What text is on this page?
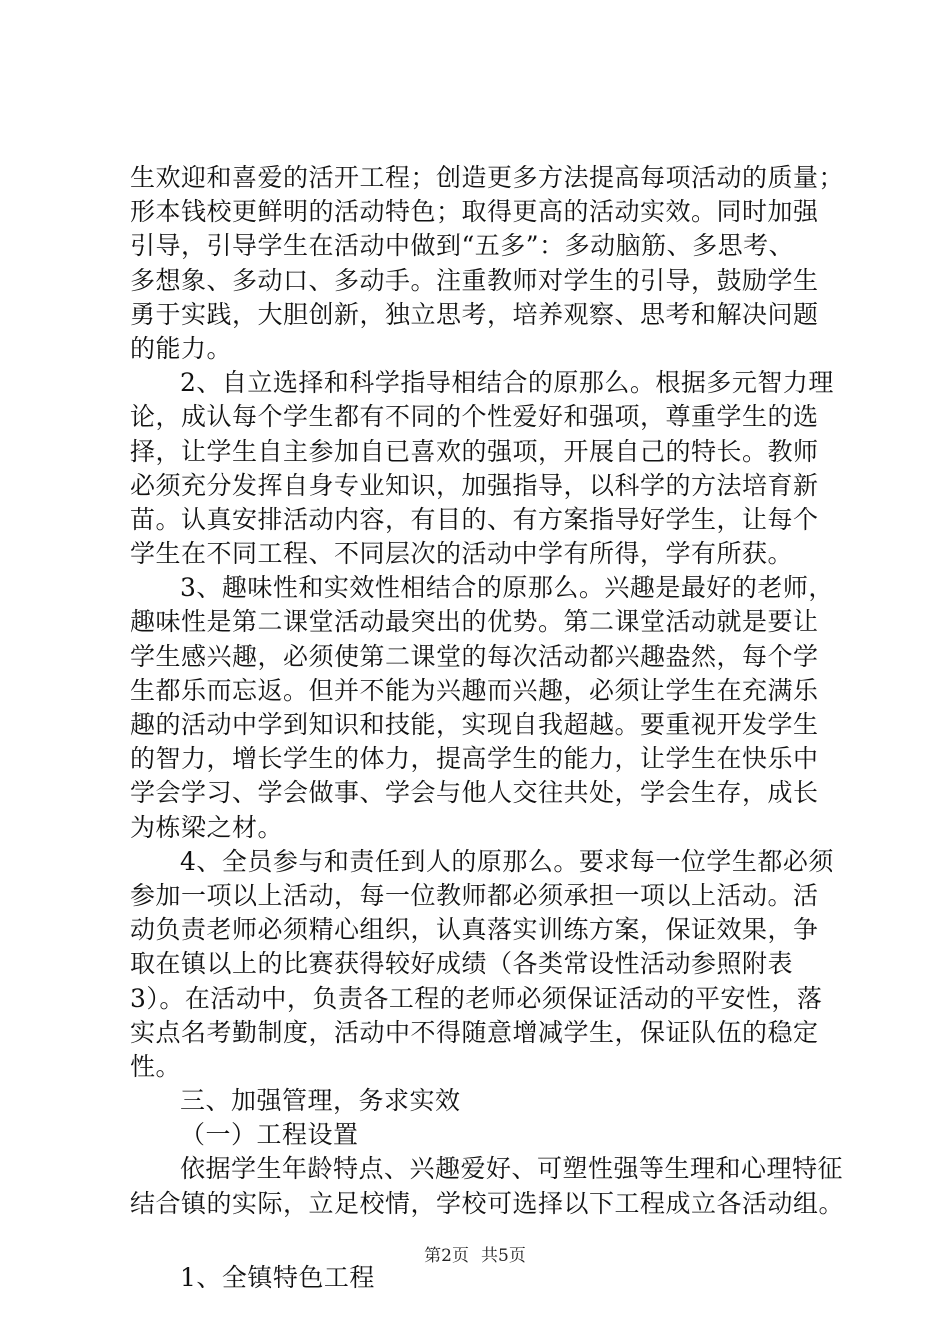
生欢迎和喜爱的活开工程；创造更多方法提高每项活动的质量；
形本钱校更鲜明的活动特色；取得更高的活动实效。同时加强
引导，引导学生在活动中做到“五多”：多动脑筋、多思考、
多想象、多动口、多动手。注重教师对学生的引导，鼓励学生
勇于实践，大胆创新，独立思考，培养观察、思考和解决问题
的能力。
2、自立选择和科学指导相结合的原那么。根据多元智力理
论，成认每个学生都有不同的个性爱好和强项，尊重学生的选
择，让学生自主参加自已喜欢的强项，开展自己的特长。教师
必须充分发挥自身专业知识，加强指导，以科学的方法培育新
苗。认真安排活动内容，有目的、有方案指导好学生，让每个
学生在不同工程、不同层次的活动中学有所得，学有所获。
3、趣味性和实效性相结合的原那么。兴趣是最好的老师，
趣味性是第二课堂活动最突出的优势。第二课堂活动就是要让
学生感兴趣，必须使第二课堂的每次活动都兴趣盎然，每个学
生都乐而忘返。但并不能为兴趣而兴趣，必须让学生在充满乐
趣的活动中学到知识和技能，实现自我超越。要重视开发学生
的智力，增长学生的体力，提高学生的能力，让学生在快乐中
学会学习、学会做事、学会与他人交往共处，学会生存，成长
为栋梁之材。
4、全员参与和责任到人的原那么。要求每一位学生都必须
参加一项以上活动，每一位教师都必须承担一项以上活动。活
动负责老师必须精心组织，认真落实训练方案，保证效果，争
取在镇以上的比赛获得较好成绩（各类常设性活动参照附表
3）。在活动中，负责各工程的老师必须保证活动的平安性，落
实点名考勤制度，活动中不得随意增减学生，保证队伍的稳定
性。
三、加强管理，务求实效
（一）工程设置
依据学生年龄特点、兴趣爱好、可塑性强等生理和心理特征
结合镇的实际，立足校情，学校可选择以下工程成立各活动组。
1、全镇特色工程
第2页 共5页
